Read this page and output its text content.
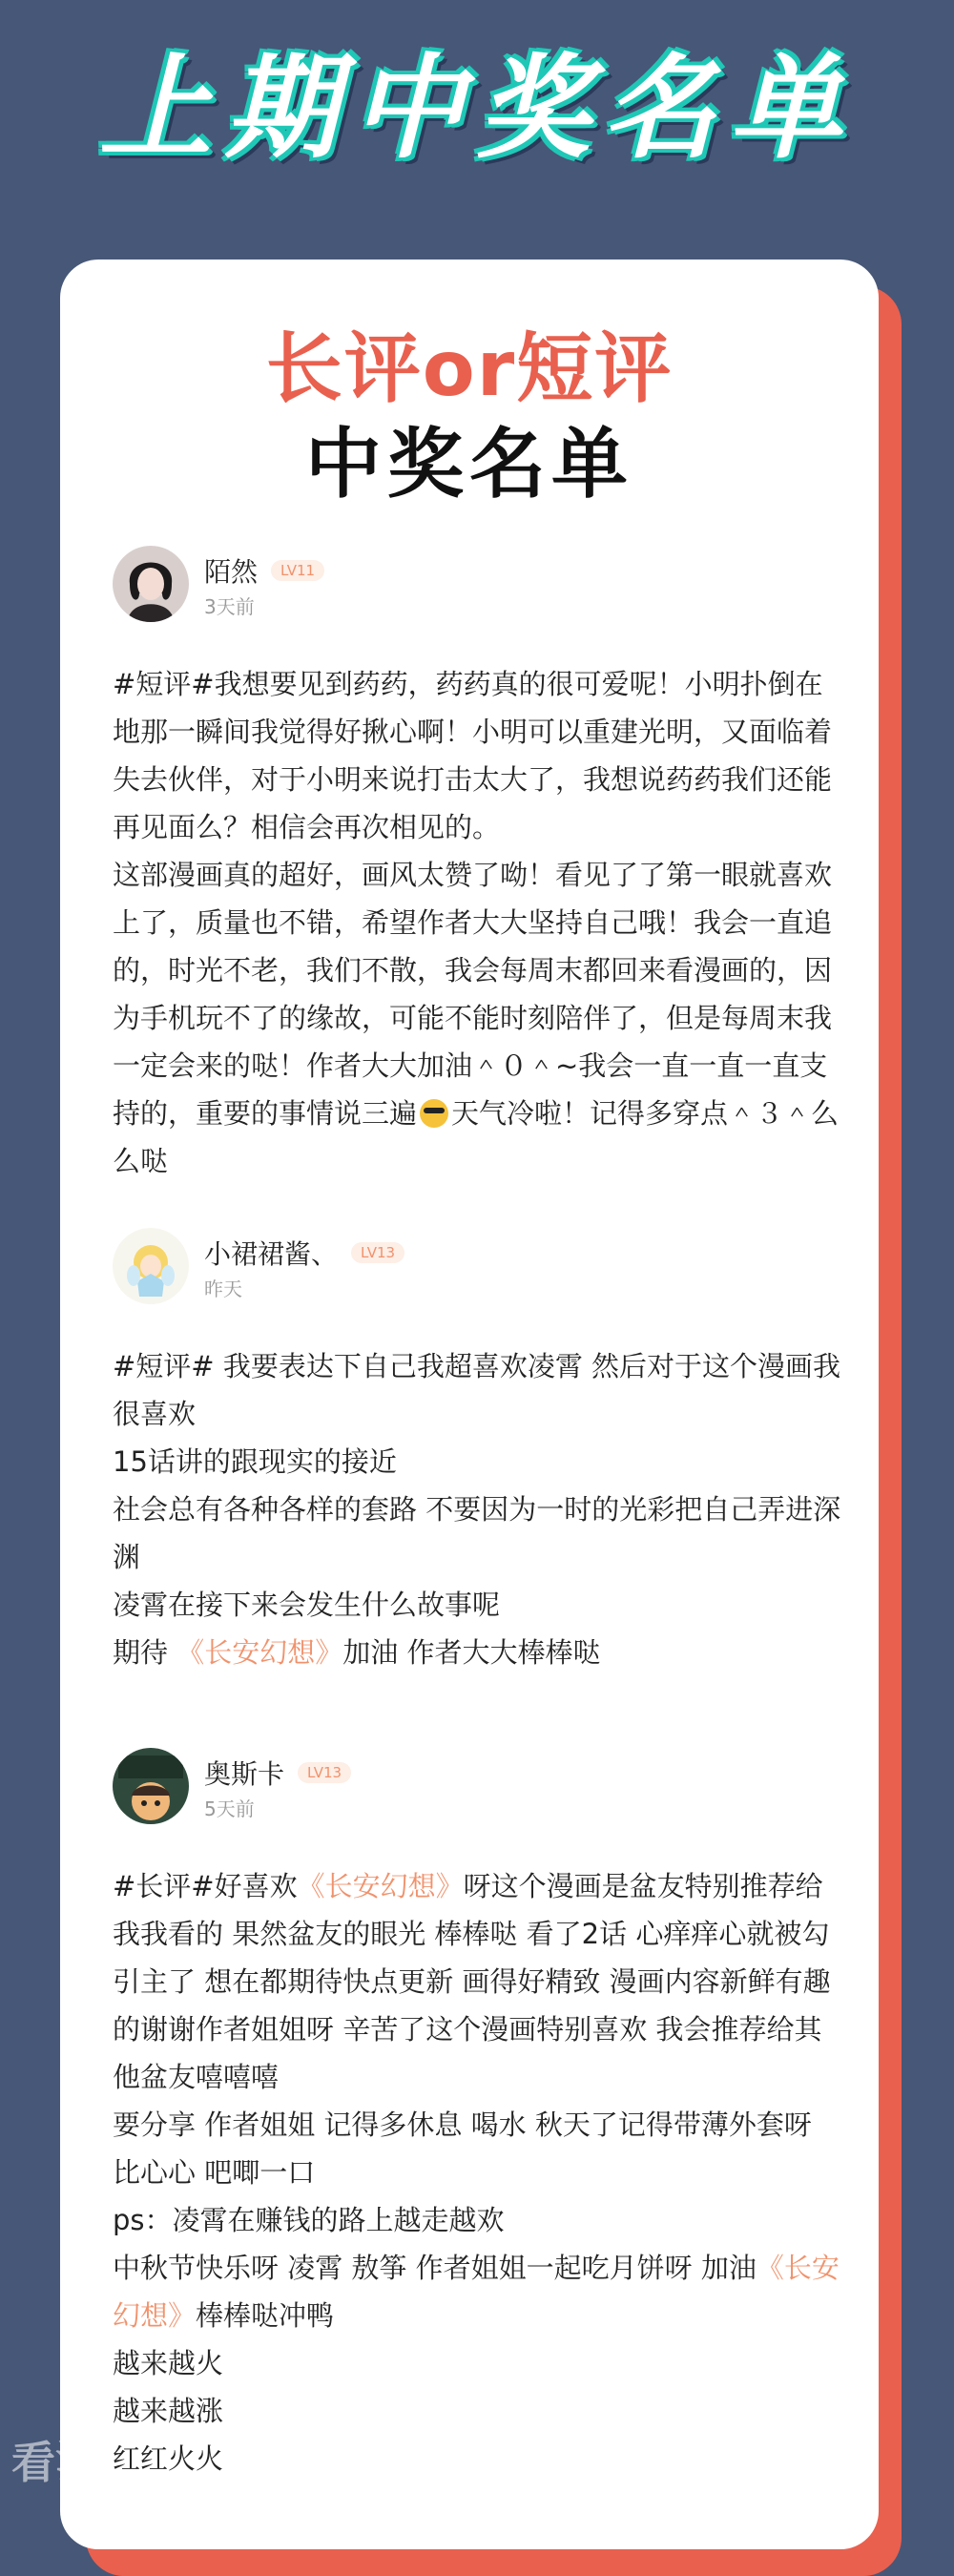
上期中奖名单
长评or短评
中奖名单
陌然 LV11
3天前

#短评#我想要见到药药，药药真的很可爱呢！小明扑倒在地那一瞬间我觉得好揪心啊！小明可以重建光明，又面临着失去伙伴，对于小明来说打击太大了，我想说药药我们还能再见面么？相信会再次相见的。

这部漫画真的超好，画风太赞了呦！看见了了第一眼就喜欢上了，质量也不错，希望作者大大坚持自己哦！我会一直追的，时光不老，我们不散，我会每周末都回来看漫画的，因为手机玩不了的缘故，可能不能时刻陪伴了，但是每周末我一定会来的哒！作者大大加油＾０＾~我会一直一直一直支持的，重要的事情说三遍 天气冷啦！记得多穿点＾３＾么么哒

小裙裙酱、 LV13
昨天

#短评# 我要表达下自己我超喜欢凌霄 然后对于这个漫画我很喜欢

15话讲的跟现实的接近

社会总有各种各样的套路 不要因为一时的光彩把自己弄进深渊

凌霄在接下来会发生什么故事呢

期待 《长安幻想》加油 作者大大棒棒哒

奥斯卡 LV13
5天前

#长评#好喜欢《长安幻想》呀这个漫画是盆友特别推荐给我我看的 果然盆友的眼光 棒棒哒 看了2话 心痒痒心就被勾引主了 想在都期待快点更新 画得好精致 漫画内容新鲜有趣的谢谢作者姐姐呀 辛苦了这个漫画特别喜欢 我会推荐给其他盆友嘻嘻嘻

要分享 作者姐姐 记得多休息 喝水 秋天了记得带薄外套呀 比心心 吧唧一口

ps：凌霄在赚钱的路上越走越欢

中秋节快乐呀 凌霄 敖筝 作者姐姐一起吃月饼呀 加油《长安幻想》棒棒哒冲鸭

越来越火

越来越涨

红红火火

看漫
